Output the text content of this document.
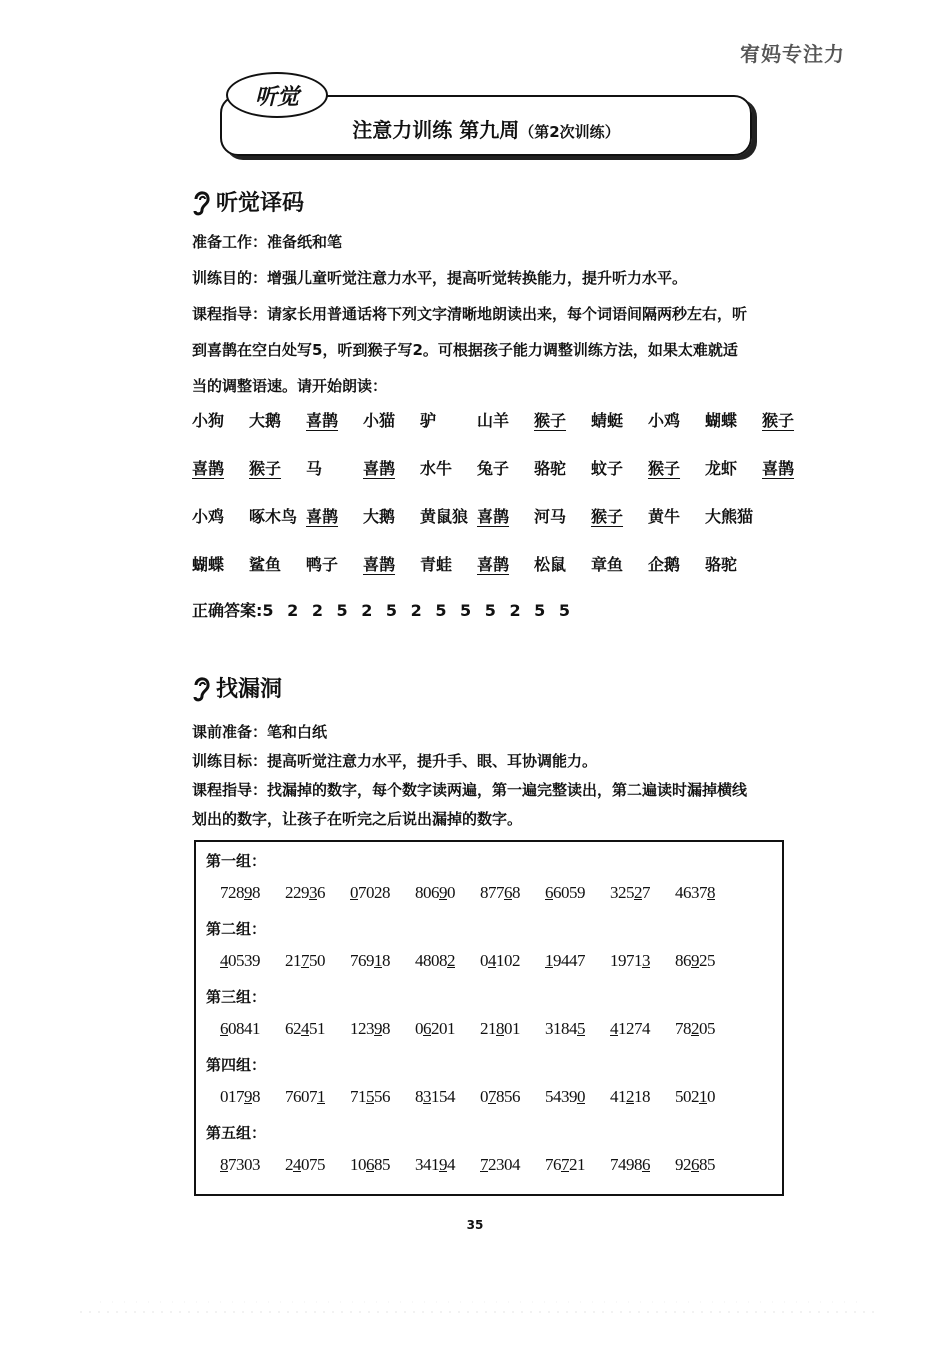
宥妈专注力
注意力训练 第九周（第2次训练）
听觉
听觉译码
准备工作：准备纸和笔
训练目的：增强儿童听觉注意力水平，提高听觉转换能力，提升听力水平。
课程指导：请家长用普通话将下列文字清晰地朗读出来，每个词语间隔两秒左右，听
到喜鹊在空白处写5，听到猴子写2。可根据孩子能力调整训练方法，如果太难就适
当的调整语速。请开始朗读：
小狗 大鹅 喜鹊 小猫 驴	山羊 猴子 蜻蜓 小鸡 蝴蝶 猴子
喜鹊 猴子 马	喜鹊 水牛 兔子 骆驼 蚊子 猴子 龙虾 喜鹊
小鸡 啄木鸟 喜鹊 大鹅 黄鼠狼 喜鹊 河马 猴子 黄牛 大熊猫
蝴蝶 鲨鱼 鸭子 喜鹊 青蛙 喜鹊 松鼠 章鱼 企鹅 骆驼
正确答案:5 2 2 5 2 5 2 5 5 5 2 5 5
找漏洞
课前准备：笔和白纸
训练目标：提高听觉注意力水平，提升手、眼、耳协调能力。
课程指导：找漏掉的数字，每个数字读两遍，第一遍完整读出，第二遍读时漏掉横线
划出的数字，让孩子在听完之后说出漏掉的数字。
第一组：
72898 22936 07028 80690 87768 66059 32527 46378
第二组：
40539 21750 76918 48082 04102 19447 19713 86925
第三组：
60841 62451 12398 06201 21801 31845 41274 78205
第四组：
01798 76071 71556 83154 07856 54390 41218 50210
第五组：
87303 24075 10685 34194 72304 76721 74986 92685
35
